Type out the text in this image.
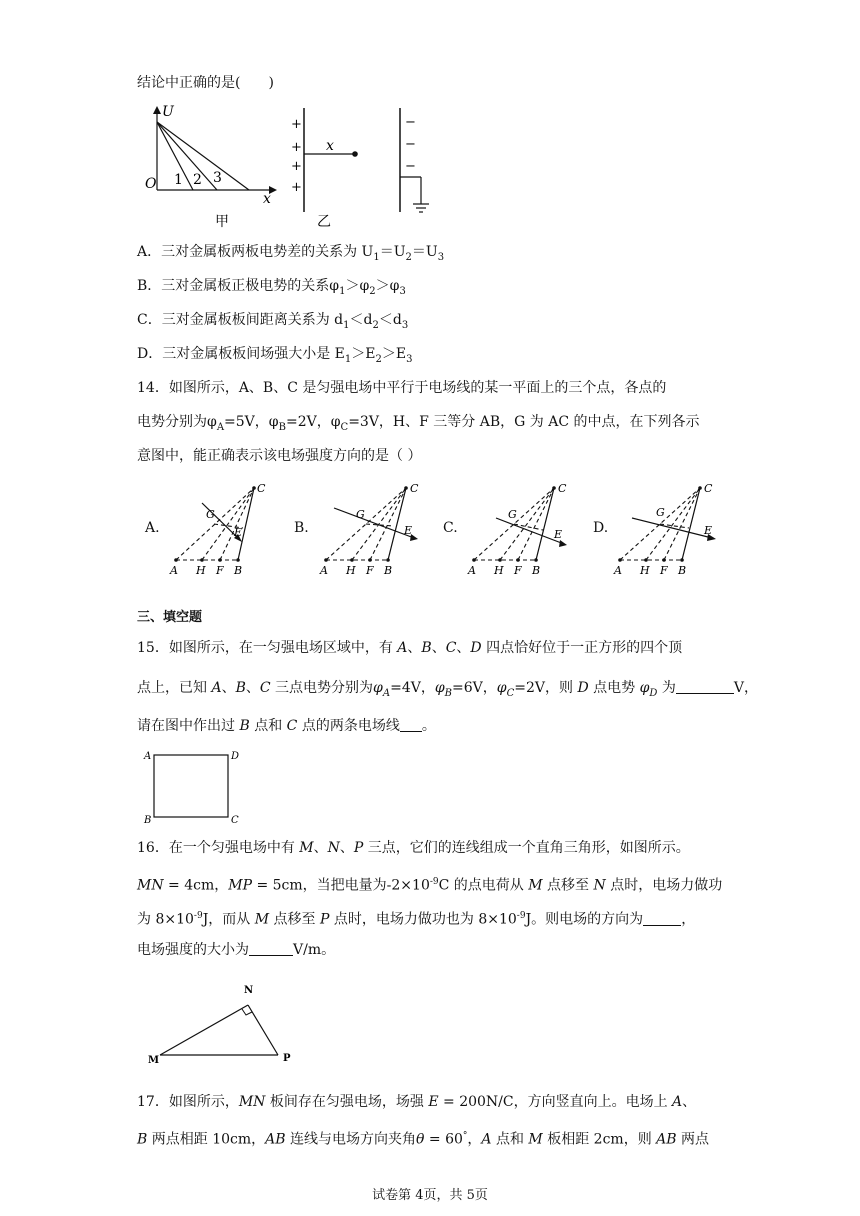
结论中正确的是(　　)
U
O
x
1 2 3
甲
+
+
+
+
−
−
−
x
乙
A．三对金属板两板电势差的关系为 $U_1=U_2=U_3$
B．三对金属板正极电势的关系$\varphi_1>\varphi_2>\varphi_3$
C．三对金属板板间距离关系为 $d_1<d_2<d_3$
D．三对金属板板间场强大小是 $E_1>E_2>E_3$
14．如图所示，A、B、C 是匀强电场中平行于电场线的某一平面上的三个点，各点的
电势分别为$\varphi_A=5V$，$\varphi_B=2V$，$\varphi_C=3V$，H、F 三等分 AB，G 为 AC 的中点，在下列各示
意图中，能正确表示该电场强度方向的是（ ）
A.	B.	C.	D.
C
G
E
A H F B
C
G
E
A H F B
C
G
E
A H F B
C
G
E
A H F B
三、填空题
15．如图所示，在一匀强电场区域中，有 A、B、C、D 四点恰好位于一正方形的四个顶
点上，已知 A、B、C 三点电势分别为$\varphi_A=4V$，$\varphi_B=6V$，$\varphi_C=2V$，则 D 点电势 $\varphi_D$ 为	V，
请在图中作出过 B 点和 C 点的两条电场线 。
A	D
B	C
16．在一个匀强电场中有 M、N、P 三点，它们的连线组成一个直角三角形，如图所示。
MN = 4cm，MP = 5cm，当把电量为$-2\times 10^{-9}C$ 的点电荷从 M 点移至 N 点时，电场力做功
为 $8\times 10^{-9}J$，而从 M 点移至 P 点时，电场力做功也为 $8\times 10^{-9}J$。则电场的方向为	，
电场强度的大小为	V/m。
N
M	P
17．如图所示，MN 板间存在匀强电场，场强 E = 200N/C，方向竖直向上。电场上 A、
B 两点相距 10cm，AB 连线与电场方向夹角θ = 60°，A 点和 M 板相距 2cm，则 AB 两点
试卷第 4页，共 5页
